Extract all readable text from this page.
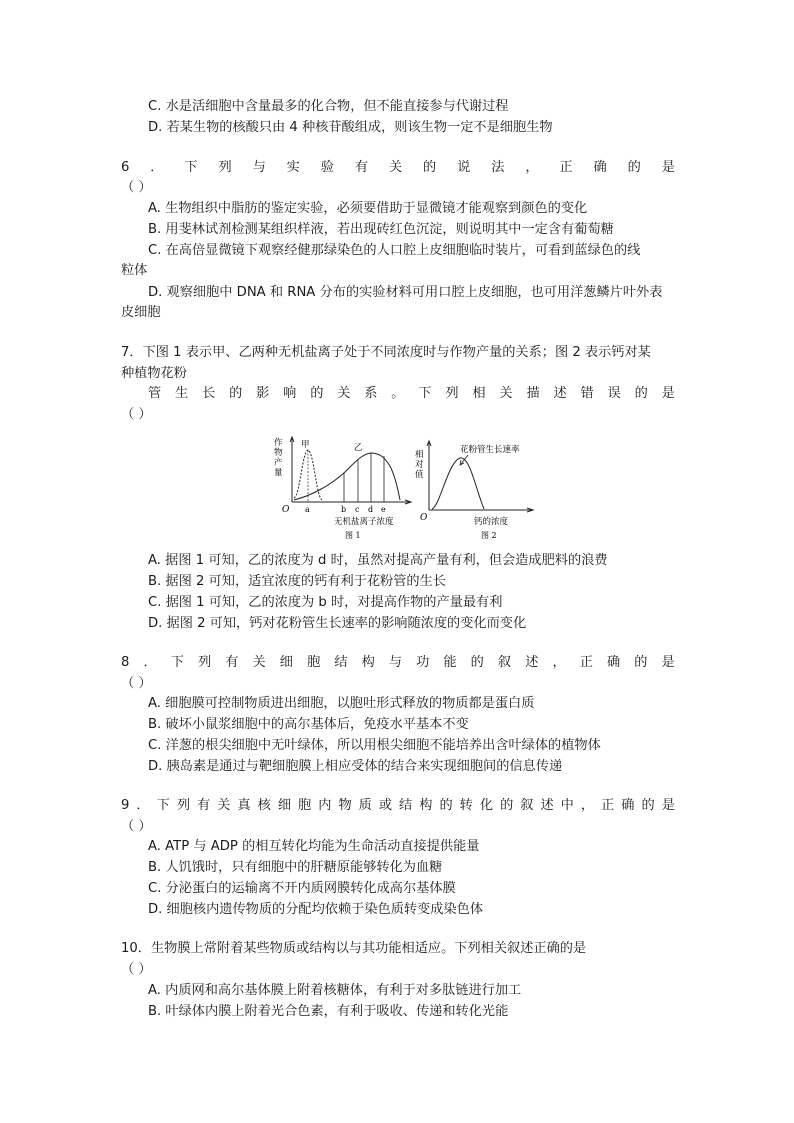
C. 水是活细胞中含量最多的化合物，但不能直接参与代谢过程
D. 若某生物的核酸只由 4 种核苷酸组成，则该生物一定不是细胞生物
6 ． 下 列 与 实 验 有 关 的 说 法 ， 正 确 的 是
（ ）
A. 生物组织中脂肪的鉴定实验，必须要借助于显微镜才能观察到颜色的变化
B. 用斐林试剂检测某组织样液，若出现砖红色沉淀，则说明其中一定含有葡萄糖
C. 在高倍显微镜下观察经健那绿染色的人口腔上皮细胞临时装片，可看到蓝绿色的线
粒体
D. 观察细胞中 DNA 和 RNA 分布的实验材料可用口腔上皮细胞，也可用洋葱鳞片叶外表
皮细胞
7．下图 1 表示甲、乙两种无机盐离子处于不同浓度时与作物产量的关系；图 2 表示钙对某
种植物花粉
管 生 长 的 影 响 的 关 系 。 下 列 相 关 描 述 错 误 的 是
（ ）
作
物
产
量
O
甲	乙
a	b c d e
无机盐离子浓度
图 1
相
对
值
O
花粉管生长速率
钙的浓度
图 2
A. 据图 1 可知，乙的浓度为 d 时，虽然对提高产量有利，但会造成肥料的浪费
B. 据图 2 可知，适宜浓度的钙有利于花粉管的生长
C. 据图 1 可知，乙的浓度为 b 时，对提高作物的产量最有利
D. 据图 2 可知，钙对花粉管生长速率的影响随浓度的变化而变化
8 ． 下 列 有 关 细 胞 结 构 与 功 能 的 叙 述 ， 正 确 的 是
（ ）
A. 细胞膜可控制物质进出细胞，以胞吐形式释放的物质都是蛋白质
B. 破坏小鼠浆细胞中的高尔基体后，免疫水平基本不变
C. 洋葱的根尖细胞中无叶绿体，所以用根尖细胞不能培养出含叶绿体的植物体
D. 胰岛素是通过与靶细胞膜上相应受体的结合来实现细胞间的信息传递
9 ． 下 列 有 关 真 核 细 胞 内 物 质 或 结 构 的 转 化 的 叙 述 中 ， 正 确 的 是
（ ）
A. ATP 与 ADP 的相互转化均能为生命活动直接提供能量
B. 人饥饿时，只有细胞中的肝糖原能够转化为血糖
C. 分泌蛋白的运输离不开内质网膜转化成高尔基体膜
D. 细胞核内遗传物质的分配均依赖于染色质转变成染色体
10．生物膜上常附着某些物质或结构以与其功能相适应。下列相关叙述正确的是
（ ）
A. 内质网和高尔基体膜上附着核糖体，有利于对多肽链进行加工
B. 叶绿体内膜上附着光合色素，有利于吸收、传递和转化光能
